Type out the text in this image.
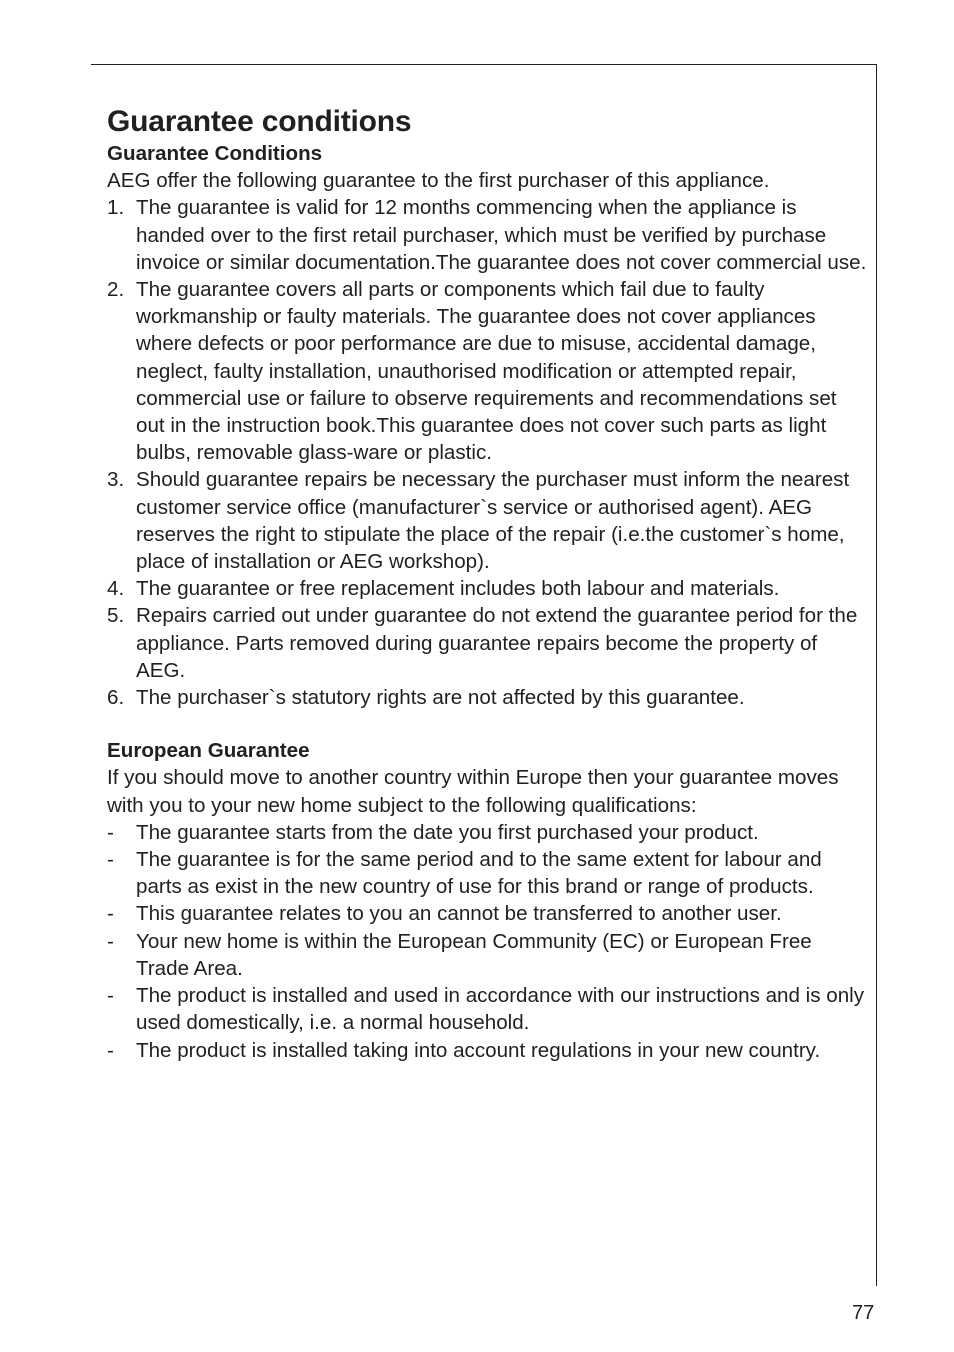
Guarantee conditions
Guarantee Conditions

AEG offer the following guarantee to the first purchaser of this appliance.

1. The guarantee is valid for 12 months commencing when the appliance is handed over to the first retail purchaser, which must be verified by purchase invoice or similar documentation.The guarantee does not cover commercial use.

2. The guarantee covers all parts or components which fail due to faulty workmanship or faulty materials. The guarantee does not cover appliances where defects or poor performance are due to misuse, accidental damage, neglect, faulty installation, unauthorised modification or attempted repair, commercial use or failure to observe requirements and recommendations set out in the instruction book.This guarantee does not cover such parts as light bulbs, removable glass-ware or plastic.

3. Should guarantee repairs be necessary the purchaser must inform the nearest customer service office (manufacturer`s service or authorised agent). AEG reserves the right to stipulate the place of the repair (i.e.the customer`s home, place of installation or AEG workshop).

4. The guarantee or free replacement includes both labour and materials.

5. Repairs carried out under guarantee do not extend the guarantee period for the appliance. Parts removed during guarantee repairs become the property of AEG.

6. The purchaser`s statutory rights are not affected by this guarantee.

European Guarantee

If you should move to another country within Europe then your guarantee moves with you to your new home subject to the following qualifications:

- The guarantee starts from the date you first purchased your product.

- The guarantee is for the same period and to the same extent for labour and parts as exist in the new country of use for this brand or range of products.

- This guarantee relates to you an cannot be transferred to another user.

- Your new home is within the European Community (EC) or European Free Trade Area.

- The product is installed and used in accordance with our instructions and is only used domestically, i.e. a normal household.

- The product is installed taking into account regulations in your new country.

77
